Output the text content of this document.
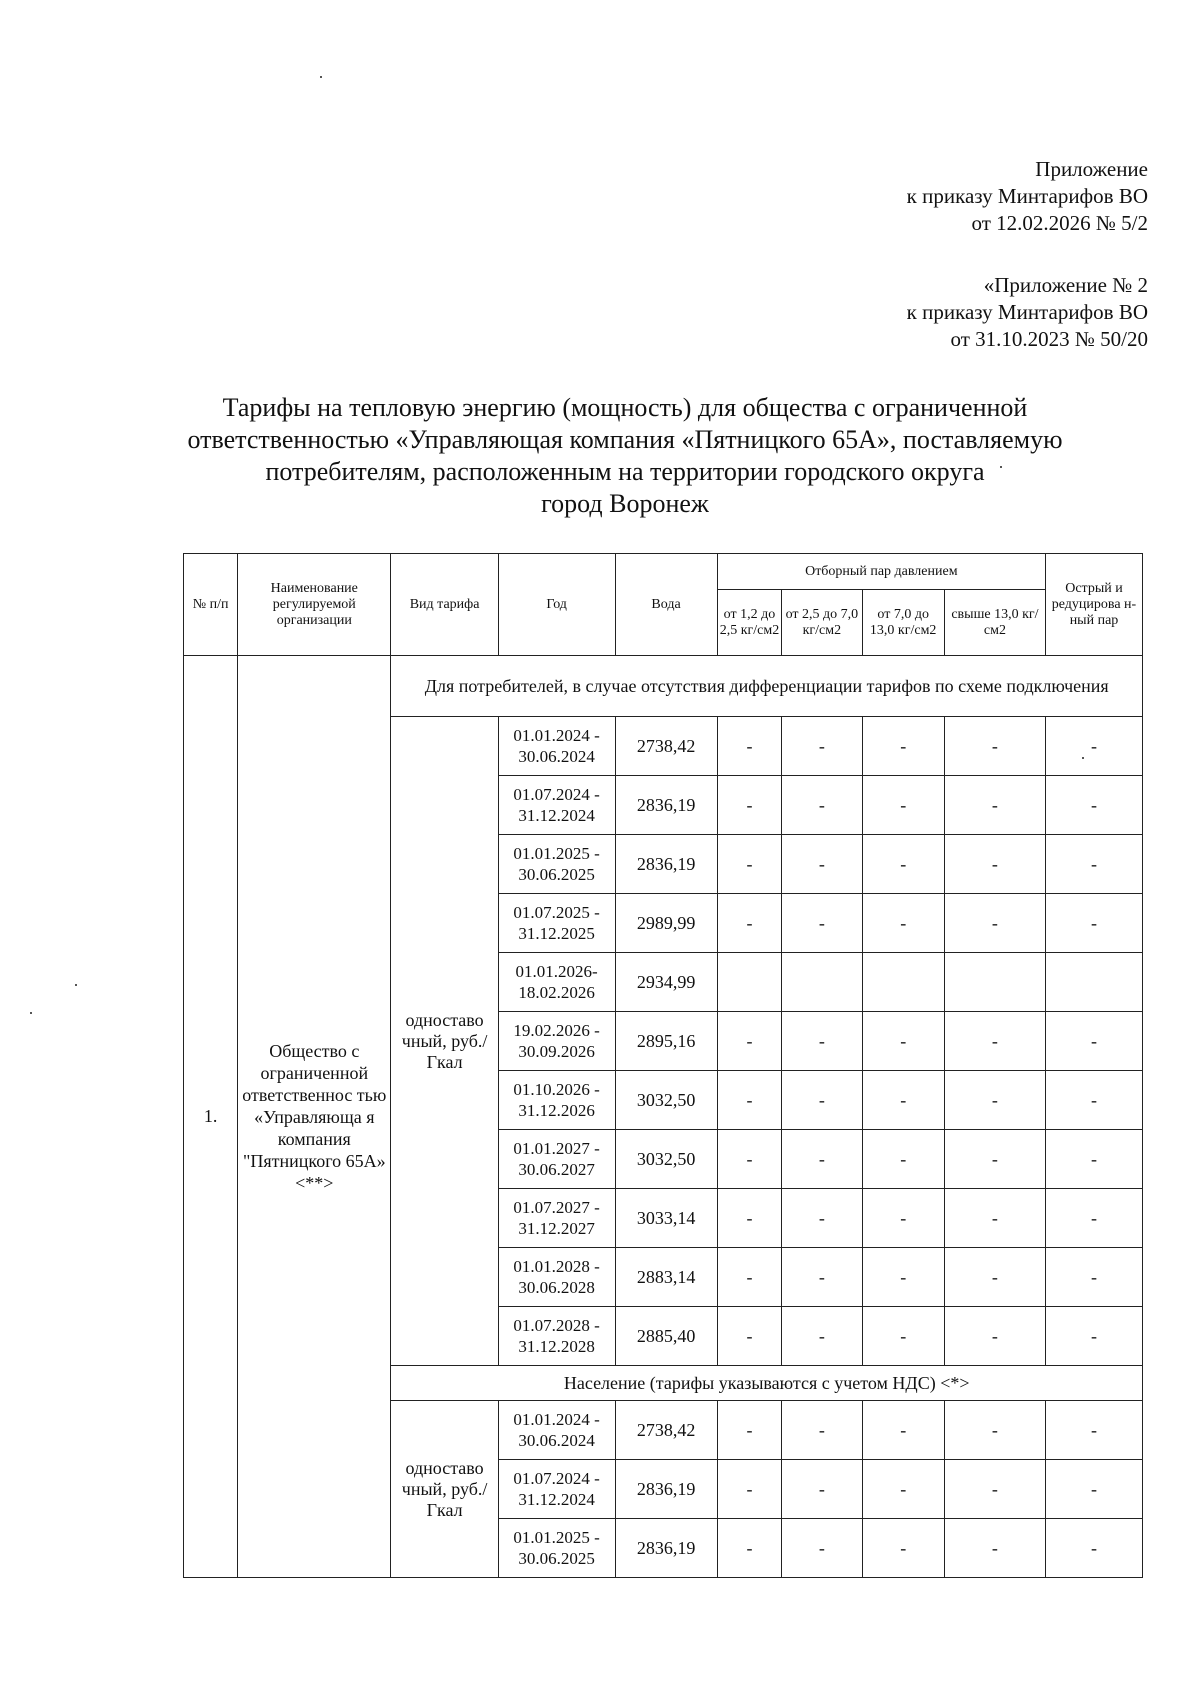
Приложение
к приказу Минтарифов ВО
от 12.02.2026 № 5/2
«Приложение № 2
к приказу Минтарифов ВО
от 31.10.2023 № 50/20
Тарифы на тепловую энергию (мощность) для общества с ограниченной
ответственностью «Управляющая компания «Пятницкого 65А», поставляемую
потребителям, расположенным на территории городского округа
город Воронеж
№ п/п	Наименование регулируемой организации	Вид тарифа	Год	Вода	Отборный пар давлением				Острый и редуцирова н- ный пар
					от 1,2 до 2,5 кг/см2	от 2,5 до 7,0 кг/см2	от 7,0 до 13,0 кг/см2	свыше 13,0 кг/см2	
1.	Общество с ограниченной ответственнос тью «Управляюща я компания "Пятницкого 65А» <**>	Для потребителей, в случае отсутствия дифференциации тарифов по схеме подключения							
		одноставо чный, руб./Гкал	01.01.2024 - 30.06.2024	2738,42	-	-	-	-	-
			01.07.2024 - 31.12.2024	2836,19	-	-	-	-	-
			01.01.2025 - 30.06.2025	2836,19	-	-	-	-	-
			01.07.2025 - 31.12.2025	2989,99	-	-	-	-	-
			01.01.2026- 18.02.2026	2934,99					
			19.02.2026 - 30.09.2026	2895,16	-	-	-	-	-
			01.10.2026 - 31.12.2026	3032,50	-	-	-	-	-
			01.01.2027 - 30.06.2027	3032,50	-	-	-	-	-
			01.07.2027 - 31.12.2027	3033,14	-	-	-	-	-
			01.01.2028 - 30.06.2028	2883,14	-	-	-	-	-
			01.07.2028 - 31.12.2028	2885,40	-	-	-	-	-
		Население (тарифы указываются с учетом НДС) <*>							
		одноставо чный, руб./Гкал	01.01.2024 - 30.06.2024	2738,42	-	-	-	-	-
			01.07.2024 - 31.12.2024	2836,19	-	-	-	-	-
			01.01.2025 - 30.06.2025	2836,19	-	-	-	-	-
